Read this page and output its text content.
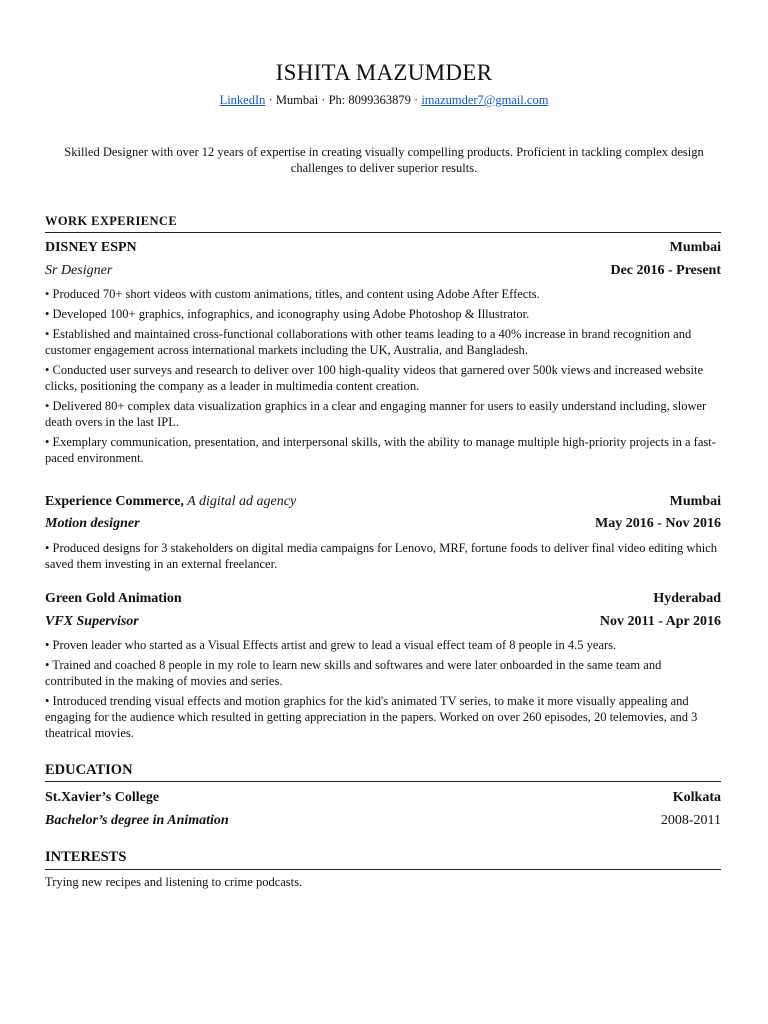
ISHITA MAZUMDER
LinkedIn · Mumbai · Ph: 8099363879 · imazumder7@gmail.com
Skilled Designer with over 12 years of expertise in creating visually compelling products. Proficient in tackling complex design challenges to deliver superior results.
WORK EXPERIENCE
DISNEY ESPN	Mumbai
Sr Designer	Dec 2016 - Present

• Produced 70+ short videos with custom animations, titles, and content using Adobe After Effects.

• Developed 100+ graphics, infographics, and iconography using Adobe Photoshop & Illustrator.

• Established and maintained cross-functional collaborations with other teams leading to a 40% increase in brand recognition and customer engagement across international markets including the UK, Australia, and Bangladesh.

• Conducted user surveys and research to deliver over 100 high-quality videos that garnered over 500k views and increased website clicks, positioning the company as a leader in multimedia content creation.

• Delivered 80+ complex data visualization graphics in a clear and engaging manner for users to easily understand including, slower death overs in the last IPL.

• Exemplary communication, presentation, and interpersonal skills, with the ability to manage multiple high-priority projects in a fast-paced environment.

Experience Commerce, A digital ad agency	Mumbai
Motion designer	May 2016 - Nov 2016

• Produced designs for 3 stakeholders on digital media campaigns for Lenovo, MRF, fortune foods to deliver final video editing which saved them investing in an external freelancer.

Green Gold Animation	Hyderabad
VFX Supervisor	Nov 2011 - Apr 2016

• Proven leader who started as a Visual Effects artist and grew to lead a visual effect team of 8 people in 4.5 years.

• Trained and coached 8 people in my role to learn new skills and softwares and were later onboarded in the same team and contributed in the making of movies and series.

• Introduced trending visual effects and motion graphics for the kid's animated TV series, to make it more visually appealing and engaging for the audience which resulted in getting appreciation in the papers. Worked on over 260 episodes, 20 telemovies, and 3 theatrical movies.

EDUCATION
St.Xavier’s College	Kolkata
Bachelor’s degree in Animation	2008-2011
INTERESTS
Trying new recipes and listening to crime podcasts.
